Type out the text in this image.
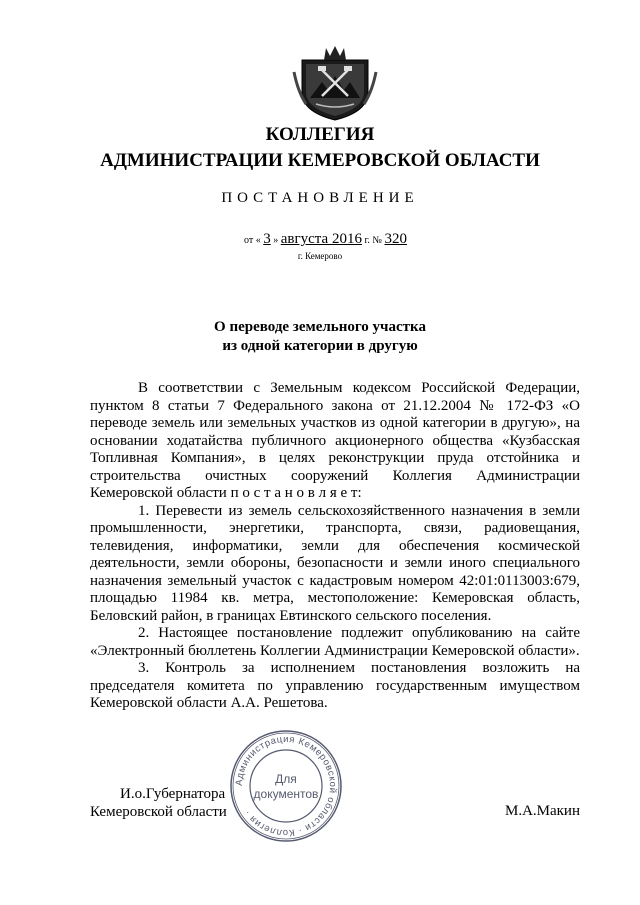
КОЛЛЕГИЯ
АДМИНИСТРАЦИИ КЕМЕРОВСКОЙ ОБЛАСТИ
ПОСТАНОВЛЕНИЕ
от « 3 » августа 2016 г. № 320
г. Кемерово
О переводе земельного участка
из одной категории в другую

В соответствии с Земельным кодексом Российской Федерации, пунктом 8 статьи 7 Федерального закона от 21.12.2004 № 172-ФЗ «О переводе земель или земельных участков из одной категории в другую», на основании ходатайства публичного акционерного общества «Кузбасская Топливная Компания», в целях реконструкции пруда отстойника и строительства очистных сооружений Коллегия Администрации Кемеровской области п о с т а н о в л я е т:

1. Перевести из земель сельскохозяйственного назначения в земли промышленности, энергетики, транспорта, связи, радиовещания, телевидения, информатики, земли для обеспечения космической деятельности, земли обороны, безопасности и земли иного специального назначения земельный участок с кадастровым номером 42:01:0113003:679, площадью 11984 кв. метра, местоположение: Кемеровская область, Беловский район, в границах Евтинского сельского поселения.

2. Настоящее постановление подлежит опубликованию на сайте «Электронный бюллетень Коллегии Администрации Кемеровской области».

3. Контроль за исполнением постановления возложить на председателя комитета по управлению государственным имуществом Кемеровской области А.А. Решетова.

Администрация Кемеровской области · Коллегия ·
Для
документов
И.о.Губернатора
Кемеровской области	М.А.Макин
